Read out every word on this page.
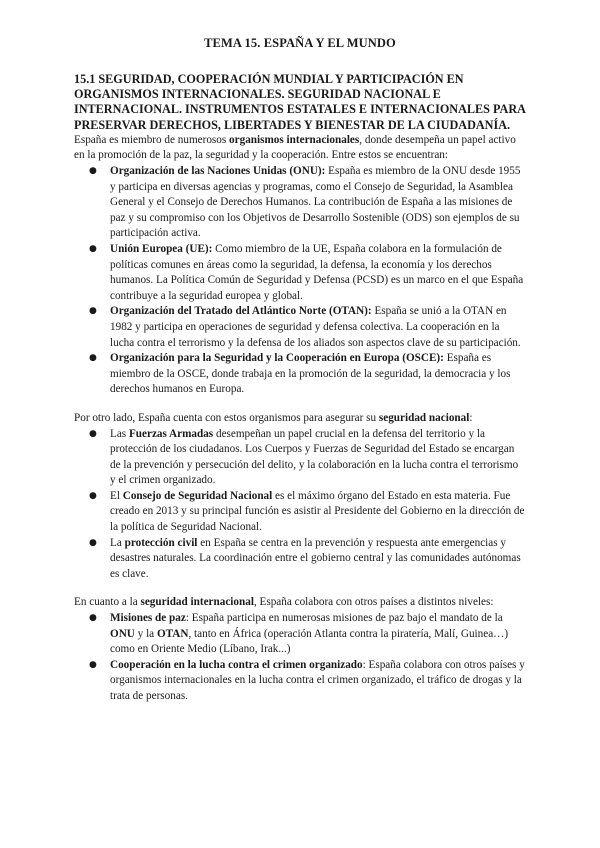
TEMA 15. ESPAÑA Y EL MUNDO

15.1 SEGURIDAD, COOPERACIÓN MUNDIAL Y PARTICIPACIÓN EN ORGANISMOS INTERNACIONALES. SEGURIDAD NACIONAL E INTERNACIONAL. INSTRUMENTOS ESTATALES E INTERNACIONALES PARA PRESERVAR DERECHOS, LIBERTADES Y BIENESTAR DE LA CIUDADANÍA.

España es miembro de numerosos organismos internacionales, donde desempeña un papel activo en la promoción de la paz, la seguridad y la cooperación. Entre estos se encuentran:

● Organización de las Naciones Unidas (ONU): España es miembro de la ONU desde 1955 y participa en diversas agencias y programas, como el Consejo de Seguridad, la Asamblea General y el Consejo de Derechos Humanos. La contribución de España a las misiones de paz y su compromiso con los Objetivos de Desarrollo Sostenible (ODS) son ejemplos de su participación activa.
● Unión Europea (UE): Como miembro de la UE, España colabora en la formulación de políticas comunes en áreas como la seguridad, la defensa, la economía y los derechos humanos. La Política Común de Seguridad y Defensa (PCSD) es un marco en el que España contribuye a la seguridad europea y global.
● Organización del Tratado del Atlántico Norte (OTAN): España se unió a la OTAN en 1982 y participa en operaciones de seguridad y defensa colectiva. La cooperación en la lucha contra el terrorismo y la defensa de los aliados son aspectos clave de su participación.
● Organización para la Seguridad y la Cooperación en Europa (OSCE): España es miembro de la OSCE, donde trabaja en la promoción de la seguridad, la democracia y los derechos humanos en Europa.

Por otro lado, España cuenta con estos organismos para asegurar su seguridad nacional:

● Las Fuerzas Armadas desempeñan un papel crucial en la defensa del territorio y la protección de los ciudadanos. Los Cuerpos y Fuerzas de Seguridad del Estado se encargan de la prevención y persecución del delito, y la colaboración en la lucha contra el terrorismo y el crimen organizado.
● El Consejo de Seguridad Nacional es el máximo órgano del Estado en esta materia. Fue creado en 2013 y su principal función es asistir al Presidente del Gobierno en la dirección de la política de Seguridad Nacional.
● La protección civil en España se centra en la prevención y respuesta ante emergencias y desastres naturales. La coordinación entre el gobierno central y las comunidades autónomas es clave.

En cuanto a la seguridad internacional, España colabora con otros países a distintos niveles:

● Misiones de paz: España participa en numerosas misiones de paz bajo el mandato de la ONU y la OTAN, tanto en África (operación Atlanta contra la piratería, Malí, Guinea…) como en Oriente Medio (Líbano, Irak...)
● Cooperación en la lucha contra el crimen organizado: España colabora con otros países y organismos internacionales en la lucha contra el crimen organizado, el tráfico de drogas y la trata de personas.
